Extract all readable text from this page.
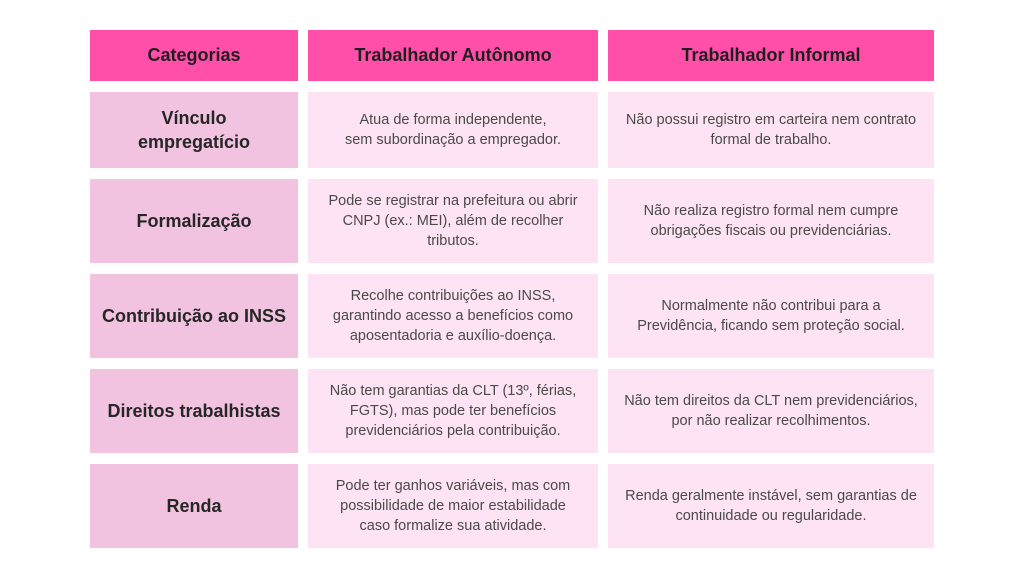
Categorias	Trabalhador Autônomo	Trabalhador Informal
Vínculo empregatício
Atua de forma independente, sem subordinação a empregador.
Não possui registro em carteira nem contrato formal de trabalho.
Formalização
Pode se registrar na prefeitura ou abrir CNPJ (ex.: MEI), além de recolher tributos.
Não realiza registro formal nem cumpre obrigações fiscais ou previdenciárias.
Contribuição ao INSS
Recolhe contribuições ao INSS, garantindo acesso a benefícios como aposentadoria e auxílio-doença.
Normalmente não contribui para a Previdência, ficando sem proteção social.
Direitos trabalhistas
Não tem garantias da CLT (13º, férias, FGTS), mas pode ter benefícios previdenciários pela contribuição.
Não tem direitos da CLT nem previdenciários, por não realizar recolhimentos.
Renda
Pode ter ganhos variáveis, mas com possibilidade de maior estabilidade caso formalize sua atividade.
Renda geralmente instável, sem garantias de continuidade ou regularidade.
